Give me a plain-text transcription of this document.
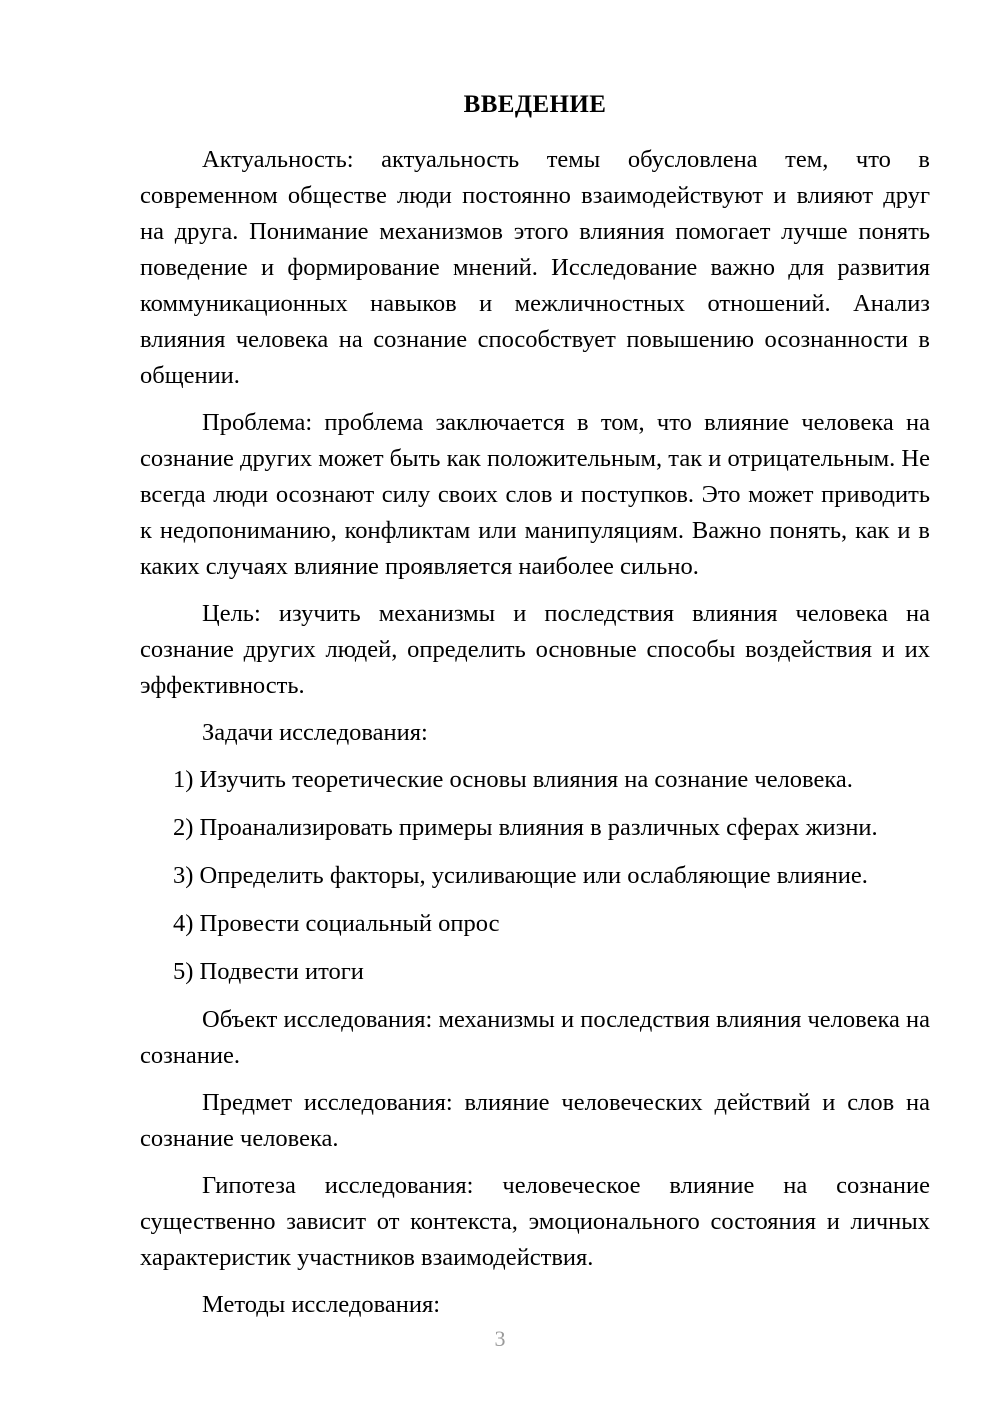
ВВЕДЕНИЕ

Актуальность: актуальность темы обусловлена тем, что в современном обществе люди постоянно взаимодействуют и влияют друг на друга. Понимание механизмов этого влияния помогает лучше понять поведение и формирование мнений. Исследование важно для развития коммуникационных навыков и межличностных отношений. Анализ влияния человека на сознание способствует повышению осознанности в общении.

Проблема: проблема заключается в том, что влияние человека на сознание других может быть как положительным, так и отрицательным. Не всегда люди осознают силу своих слов и поступков. Это может приводить к недопониманию, конфликтам или манипуляциям. Важно понять, как и в каких случаях влияние проявляется наиболее сильно.

Цель: изучить механизмы и последствия влияния человека на сознание других людей, определить основные способы воздействия и их эффективность.

Задачи исследования:

1) Изучить теоретические основы влияния на сознание человека.
2) Проанализировать примеры влияния в различных сферах жизни.
3) Определить факторы, усиливающие или ослабляющие влияние.
4) Провести социальный опрос
5) Подвести итоги

Объект исследования: механизмы и последствия влияния человека на сознание.

Предмет исследования: влияние человеческих действий и слов на сознание человека.

Гипотеза исследования: человеческое влияние на сознание существенно зависит от контекста, эмоционального состояния и личных характеристик участников взаимодействия.

Методы исследования:

3
